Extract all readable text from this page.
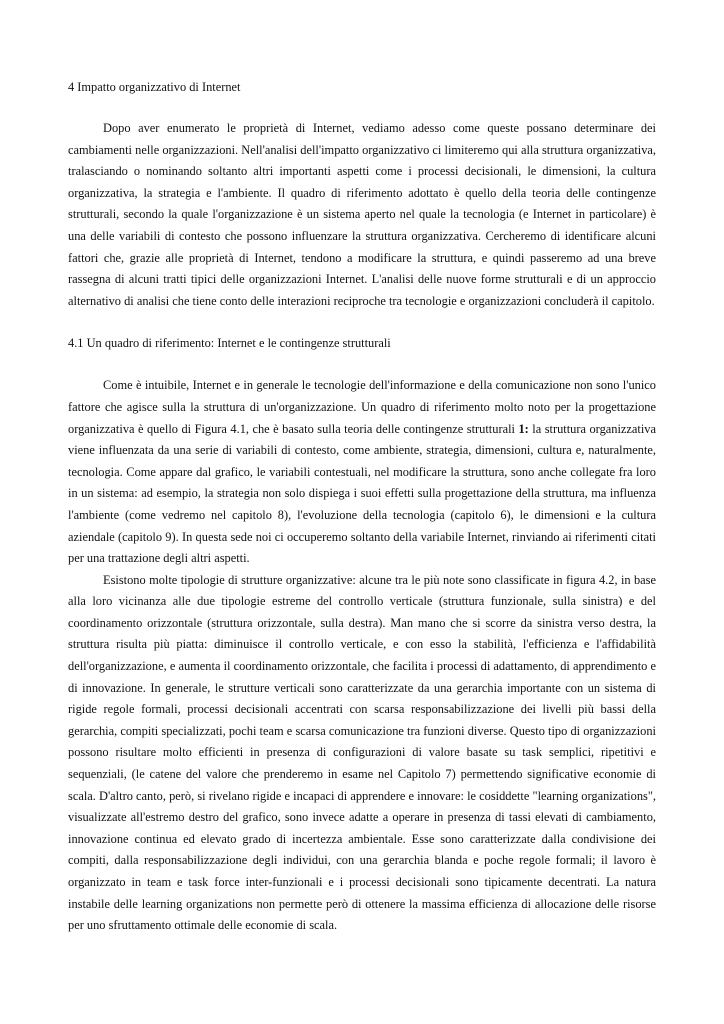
4 Impatto organizzativo di Internet

Dopo aver enumerato le proprietà di Internet, vediamo adesso come queste possano determinare dei cambiamenti nelle organizzazioni. Nell'analisi dell'impatto organizzativo ci limiteremo qui alla struttura organizzativa, tralasciando o nominando soltanto altri importanti aspetti come i processi decisionali, le dimensioni, la cultura organizzativa, la strategia e l'ambiente. Il quadro di riferimento adottato è quello della teoria delle contingenze strutturali, secondo la quale l'organizzazione è un sistema aperto nel quale la tecnologia (e Internet in particolare) è una delle variabili di contesto che possono influenzare la struttura organizzativa. Cercheremo di identificare alcuni fattori che, grazie alle proprietà di Internet, tendono a modificare la struttura, e quindi passeremo ad una breve rassegna di alcuni tratti tipici delle organizzazioni Internet. L'analisi delle nuove forme strutturali e di un approccio alternativo di analisi che tiene conto delle interazioni reciproche tra tecnologie e organizzazioni concluderà il capitolo.

4.1 Un quadro di riferimento: Internet e le contingenze strutturali

Come è intuibile, Internet e in generale le tecnologie dell'informazione e della comunicazione non sono l'unico fattore che agisce sulla la struttura di un'organizzazione. Un quadro di riferimento molto noto per la progettazione organizzativa è quello di Figura 4.1, che è basato sulla teoria delle contingenze strutturali 1: la struttura organizzativa viene influenzata da una serie di variabili di contesto, come ambiente, strategia, dimensioni, cultura e, naturalmente, tecnologia. Come appare dal grafico, le variabili contestuali, nel modificare la struttura, sono anche collegate fra loro in un sistema: ad esempio, la strategia non solo dispiega i suoi effetti sulla progettazione della struttura, ma influenza l'ambiente (come vedremo nel capitolo 8), l'evoluzione della tecnologia (capitolo 6), le dimensioni e la cultura aziendale (capitolo 9). In questa sede noi ci occuperemo soltanto della variabile Internet, rinviando ai riferimenti citati per una trattazione degli altri aspetti.

Esistono molte tipologie di strutture organizzative: alcune tra le più note sono classificate in figura 4.2, in base alla loro vicinanza alle due tipologie estreme del controllo verticale (struttura funzionale, sulla sinistra) e del coordinamento orizzontale (struttura orizzontale, sulla destra). Man mano che si scorre da sinistra verso destra, la struttura risulta più piatta: diminuisce il controllo verticale, e con esso la stabilità, l'efficienza e l'affidabilità dell'organizzazione, e aumenta il coordinamento orizzontale, che facilita i processi di adattamento, di apprendimento e di innovazione. In generale, le strutture verticali sono caratterizzate da una gerarchia importante con un sistema di rigide regole formali, processi decisionali accentrati con scarsa responsabilizzazione dei livelli più bassi della gerarchia, compiti specializzati, pochi team e scarsa comunicazione tra funzioni diverse. Questo tipo di organizzazioni possono risultare molto efficienti in presenza di configurazioni di valore basate su task semplici, ripetitivi e sequenziali, (le catene del valore che prenderemo in esame nel Capitolo 7) permettendo significative economie di scala. D'altro canto, però, si rivelano rigide e incapaci di apprendere e innovare: le cosiddette "learning organizations", visualizzate all'estremo destro del grafico, sono invece adatte a operare in presenza di tassi elevati di cambiamento, innovazione continua ed elevato grado di incertezza ambientale. Esse sono caratterizzate dalla condivisione dei compiti, dalla responsabilizzazione degli individui, con una gerarchia blanda e poche regole formali; il lavoro è organizzato in team e task force inter-funzionali e i processi decisionali sono tipicamente decentrati. La natura instabile delle learning organizations non permette però di ottenere la massima efficienza di allocazione delle risorse per uno sfruttamento ottimale delle economie di scala.
